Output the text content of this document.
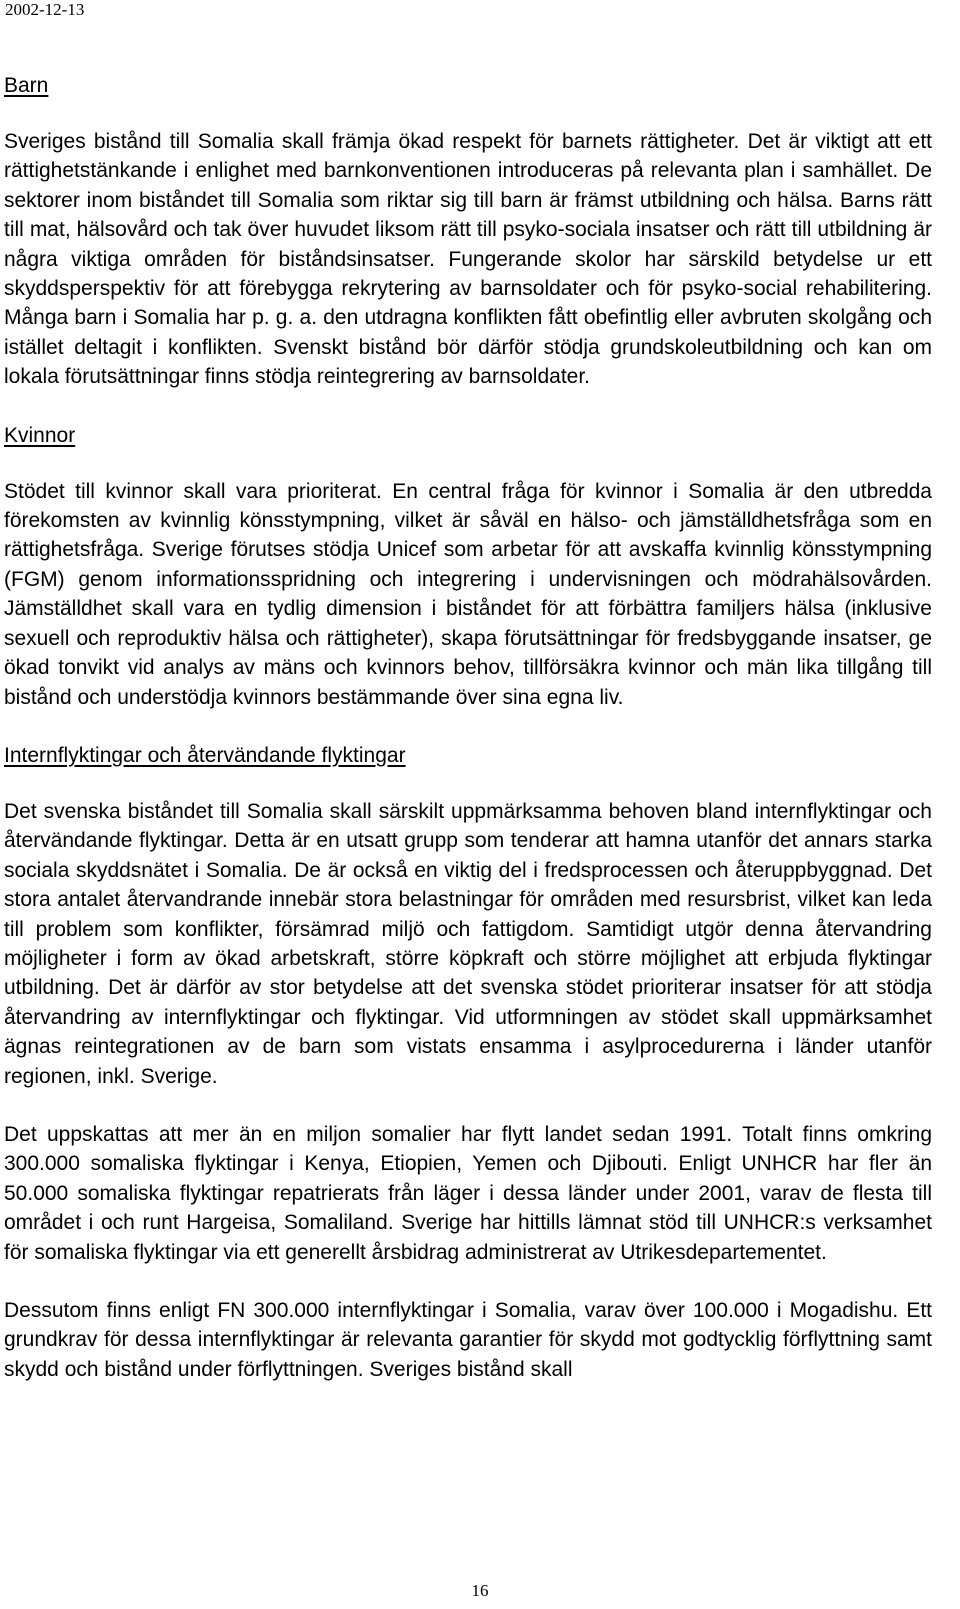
2002-12-13
Barn

Sveriges bistånd till Somalia skall främja ökad respekt för barnets rättigheter. Det är viktigt att ett rättighetstänkande i enlighet med barnkonventionen introduceras på relevanta plan i samhället. De sektorer inom biståndet till Somalia som riktar sig till barn är främst utbildning och hälsa. Barns rätt till mat, hälsovård och tak över huvudet liksom rätt till psyko-sociala insatser och rätt till utbildning är några viktiga områden för biståndsinsatser. Fungerande skolor har särskild betydelse ur ett skyddsperspektiv för att förebygga rekrytering av barnsoldater och för psyko-social rehabilitering. Många barn i Somalia har p. g. a. den utdragna konflikten fått obefintlig eller avbruten skolgång och istället deltagit i konflikten. Svenskt bistånd bör därför stödja grundskoleutbildning och kan om lokala förutsättningar finns stödja reintegrering av barnsoldater.

Kvinnor

Stödet till kvinnor skall vara prioriterat. En central fråga för kvinnor i Somalia är den utbredda förekomsten av kvinnlig könsstympning, vilket är såväl en hälso- och jämställdhetsfråga som en rättighetsfråga. Sverige förutses stödja Unicef som arbetar för att avskaffa kvinnlig könsstympning (FGM) genom informationsspridning och integrering i undervisningen och mödrahälsovården. Jämställdhet skall vara en tydlig dimension i biståndet för att förbättra familjers hälsa (inklusive sexuell och reproduktiv hälsa och rättigheter), skapa förutsättningar för fredsbyggande insatser, ge ökad tonvikt vid analys av mäns och kvinnors behov, tillförsäkra kvinnor och män lika tillgång till bistånd och understödja kvinnors bestämmande över sina egna liv.

Internflyktingar och återvändande flyktingar

Det svenska biståndet till Somalia skall särskilt uppmärksamma behoven bland internflyktingar och återvändande flyktingar. Detta är en utsatt grupp som tenderar att hamna utanför det annars starka sociala skyddsnätet i Somalia. De är också en viktig del i fredsprocessen och återuppbyggnad. Det stora antalet återvandrande innebär stora belastningar för områden med resursbrist, vilket kan leda till problem som konflikter, försämrad miljö och fattigdom. Samtidigt utgör denna återvandring möjligheter i form av ökad arbetskraft, större köpkraft och större möjlighet att erbjuda flyktingar utbildning. Det är därför av stor betydelse att det svenska stödet prioriterar insatser för att stödja återvandring av internflyktingar och flyktingar. Vid utformningen av stödet skall uppmärksamhet ägnas reintegrationen av de barn som vistats ensamma i asylprocedurerna i länder utanför regionen, inkl. Sverige.

Det uppskattas att mer än en miljon somalier har flytt landet sedan 1991. Totalt finns omkring 300.000 somaliska flyktingar i Kenya, Etiopien, Yemen och Djibouti. Enligt UNHCR har fler än 50.000 somaliska flyktingar repatrierats från läger i dessa länder under 2001, varav de flesta till området i och runt Hargeisa, Somaliland. Sverige har hittills lämnat stöd till UNHCR:s verksamhet för somaliska flyktingar via ett generellt årsbidrag administrerat av Utrikesdepartementet.

Dessutom finns enligt FN 300.000 internflyktingar i Somalia, varav över 100.000 i Mogadishu. Ett grundkrav för dessa internflyktingar är relevanta garantier för skydd mot godtycklig förflyttning samt skydd och bistånd under förflyttningen. Sveriges bistånd skall

16
